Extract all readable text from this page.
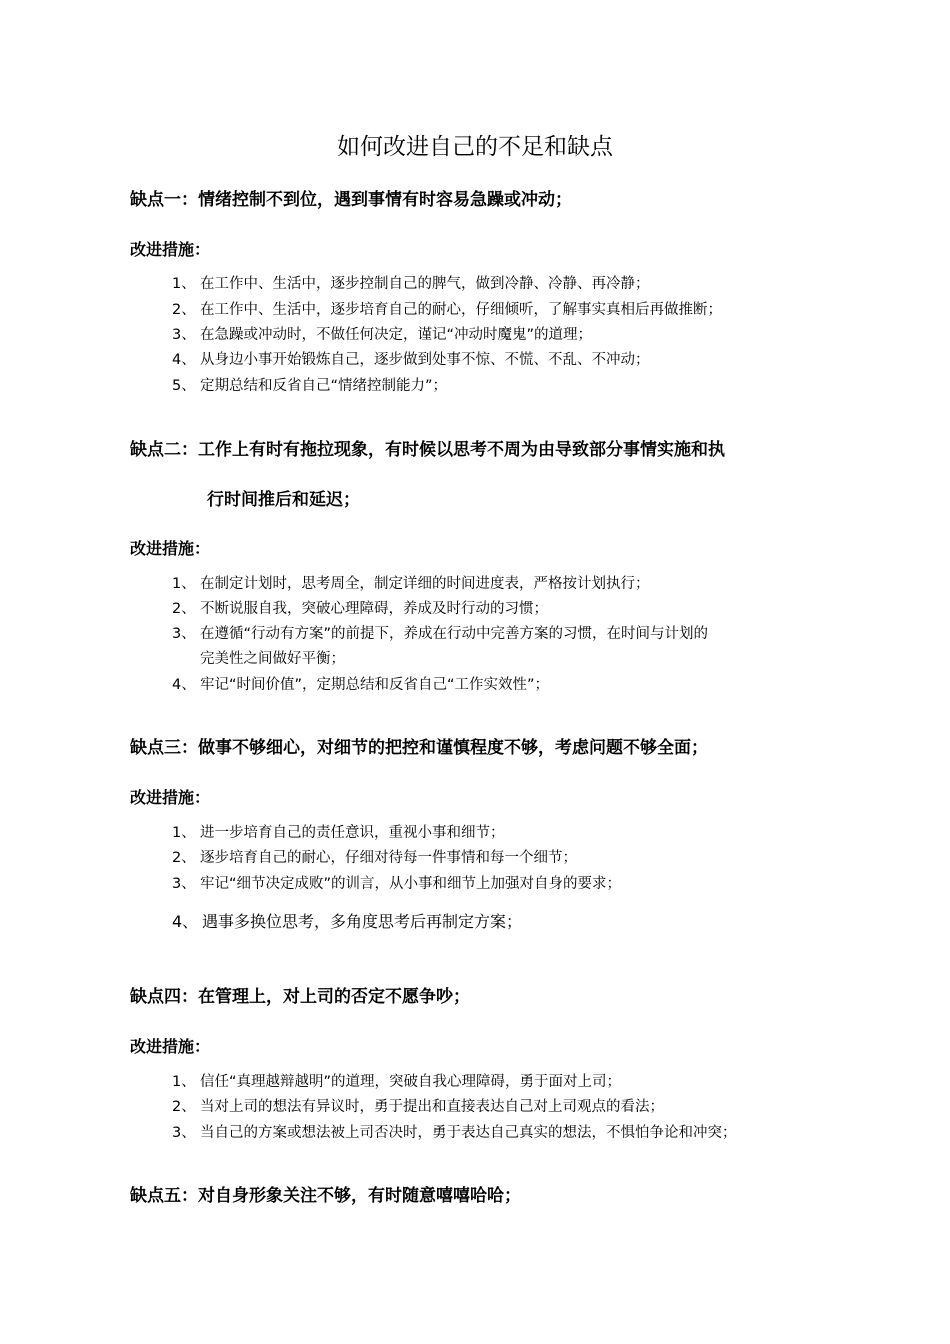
如何改进自己的不足和缺点
缺点一：情绪控制不到位，遇到事情有时容易急躁或冲动；
改进措施：
1、 在工作中、生活中，逐步控制自己的脾气，做到冷静、冷静、再冷静；
2、 在工作中、生活中，逐步培育自己的耐心，仔细倾听，了解事实真相后再做推断；
3、 在急躁或冲动时，不做任何决定，谨记“冲动时魔鬼”的道理；
4、 从身边小事开始锻炼自己，逐步做到处事不惊、不慌、不乱、不冲动；
5、 定期总结和反省自己“情绪控制能力”；
缺点二：工作上有时有拖拉现象，有时候以思考不周为由导致部分事情实施和执
行时间推后和延迟；
改进措施：
1、 在制定计划时，思考周全，制定详细的时间进度表，严格按计划执行；
2、 不断说服自我，突破心理障碍，养成及时行动的习惯；
3、 在遵循“行动有方案”的前提下，养成在行动中完善方案的习惯，在时间与计划的
完美性之间做好平衡；
4、 牢记“时间价值”，定期总结和反省自己“工作实效性”；
缺点三：做事不够细心，对细节的把控和谨慎程度不够，考虑问题不够全面；
改进措施：
1、 进一步培育自己的责任意识，重视小事和细节；
2、 逐步培育自己的耐心，仔细对待每一件事情和每一个细节；
3、 牢记“细节决定成败”的训言，从小事和细节上加强对自身的要求；
4、 遇事多换位思考，多角度思考后再制定方案；
缺点四：在管理上，对上司的否定不愿争吵；
改进措施：
1、 信任“真理越辩越明”的道理，突破自我心理障碍，勇于面对上司；
2、 当对上司的想法有异议时，勇于提出和直接表达自己对上司观点的看法；
3、 当自己的方案或想法被上司否决时，勇于表达自己真实的想法，不惧怕争论和冲突；
缺点五：对自身形象关注不够，有时随意嘻嘻哈哈；
